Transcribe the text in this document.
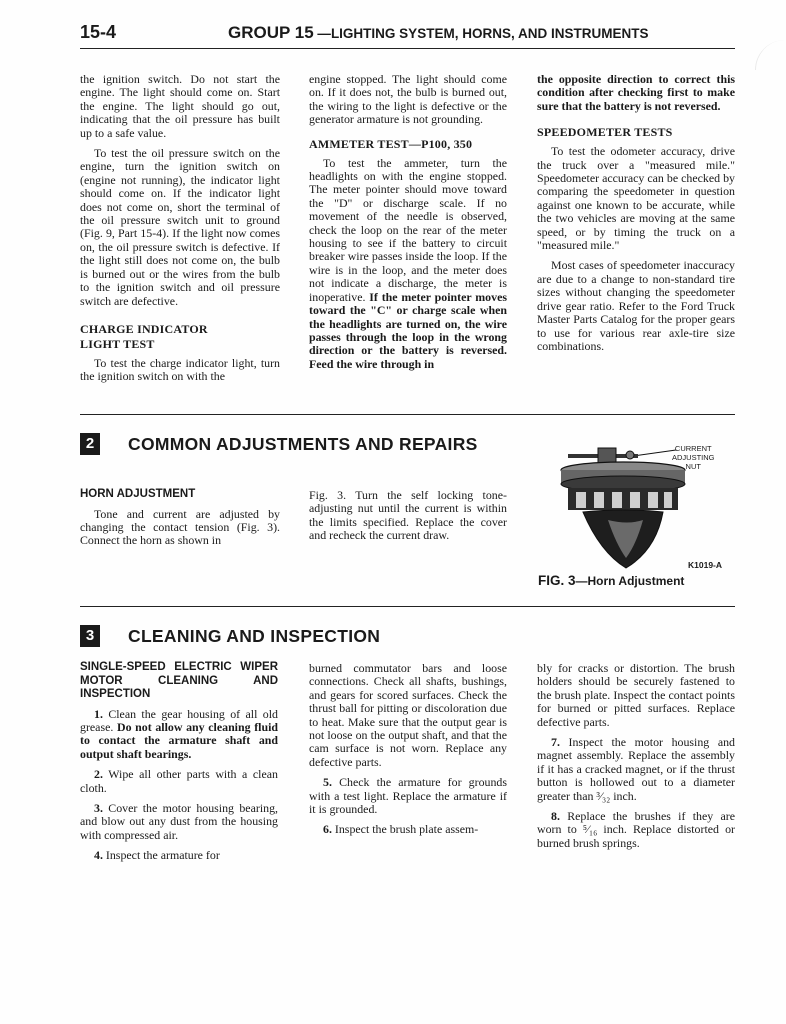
15-4	GROUP 15 —LIGHTING SYSTEM, HORNS, AND INSTRUMENTS

the ignition switch. Do not start the engine. The light should come on. Start the engine. The light should go out, indicating that the oil pressure has built up to a safe value.

To test the oil pressure switch on the engine, turn the ignition switch on (engine not running), the indicator light should come on. If the indicator light does not come on, short the terminal of the oil pressure switch unit to ground (Fig. 9, Part 15-4). If the light now comes on, the oil pressure switch is defective. If the light still does not come on, the bulb is burned out or the wires from the bulb to the ignition switch and oil pressure switch are defective.

CHARGE INDICATOR
LIGHT TEST

To test the charge indicator light, turn the ignition switch on with the

engine stopped. The light should come on. If it does not, the bulb is burned out, the wiring to the light is defective or the generator armature is not grounding.

AMMETER TEST—P100, 350

To test the ammeter, turn the headlights on with the engine stopped. The meter pointer should move toward the "D" or discharge scale. If no movement of the needle is observed, check the loop on the rear of the meter housing to see if the battery to circuit breaker wire passes inside the loop. If the wire is in the loop, and the meter does not indicate a discharge, the meter is inoperative. If the meter pointer moves toward the "C" or charge scale when the headlights are turned on, the wire passes through the loop in the wrong direction or the battery is reversed. Feed the wire through in

the opposite direction to correct this condition after checking first to make sure that the battery is not reversed.

SPEEDOMETER TESTS

To test the odometer accuracy, drive the truck over a "measured mile." Speedometer accuracy can be checked by comparing the speedometer in question against one known to be accurate, while the two vehicles are moving at the same speed, or by timing the truck on a "measured mile."

Most cases of speedometer inaccuracy are due to a change to non-standard tire sizes without changing the speedometer drive gear ratio. Refer to the Ford Truck Master Parts Catalog for the proper gears to use for various rear axle-tire size combinations.

2	COMMON ADJUSTMENTS AND REPAIRS
HORN ADJUSTMENT

Tone and current are adjusted by changing the contact tension (Fig. 3). Connect the horn as shown in

Fig. 3. Turn the self locking tone-adjusting nut until the current is within the limits specified. Replace the cover and recheck the current draw.

CURRENT
ADJUSTING
NUT
K1019-A
FIG. 3—Horn Adjustment
3	CLEANING AND INSPECTION
SINGLE-SPEED ELECTRIC WIPER MOTOR CLEANING AND INSPECTION

1. Clean the gear housing of all old grease. Do not allow any cleaning fluid to contact the armature shaft and output shaft bearings.

2. Wipe all other parts with a clean cloth.

3. Cover the motor housing bearing, and blow out any dust from the housing with compressed air.

4. Inspect the armature for

burned commutator bars and loose connections. Check all shafts, bushings, and gears for scored surfaces. Check the thrust ball for pitting or discoloration due to heat. Make sure that the output gear is not loose on the output shaft, and that the cam surface is not worn. Replace any defective parts.

5. Check the armature for grounds with a test light. Replace the armature if it is grounded.

6. Inspect the brush plate assem-

bly for cracks or distortion. The brush holders should be securely fastened to the brush plate. Inspect the contact points for burned or pitted surfaces. Replace defective parts.

7. Inspect the motor housing and magnet assembly. Replace the assembly if it has a cracked magnet, or if the thrust button is hollowed out to a diameter greater than ³⁄₃₂ inch.

8. Replace the brushes if they are worn to ⁵⁄₁₆ inch. Replace distorted or burned brush springs.
